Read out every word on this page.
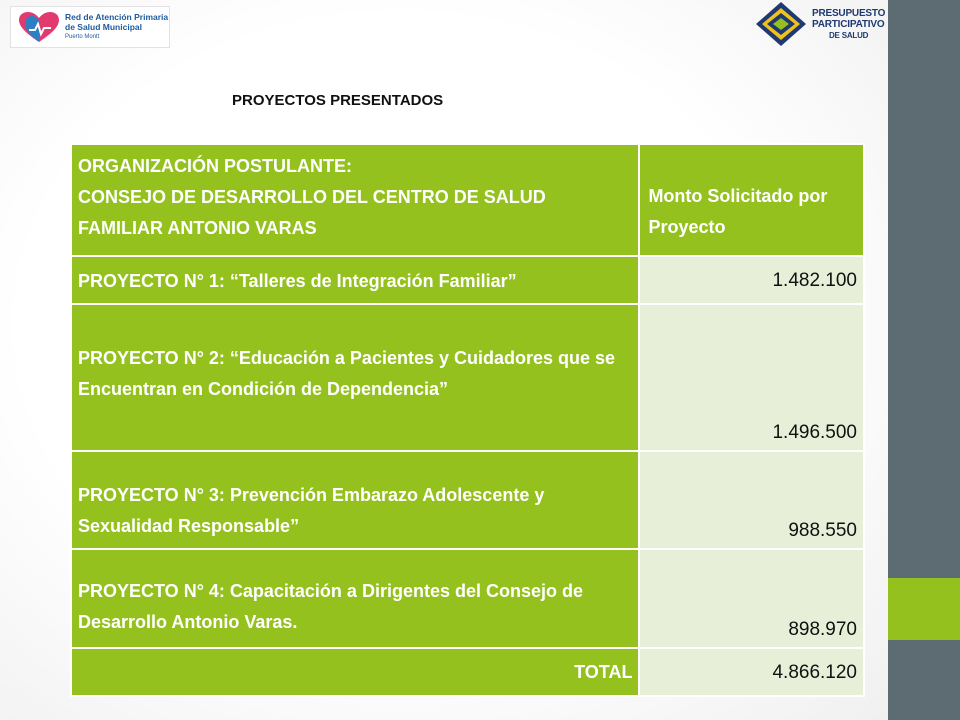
Red de Atención Primaria
de Salud Municipal
Puerto Montt
PRESUPUESTO
PARTICIPATIVO
DE SALUD
PROYECTOS PRESENTADOS
ORGANIZACIÓN POSTULANTE:
CONSEJO DE DESARROLLO DEL CENTRO DE SALUD FAMILIAR ANTONIO VARAS	Monto Solicitado por Proyecto
PROYECTO N° 1: “Talleres de Integración Familiar”	1.482.100
PROYECTO N° 2: “Educación a Pacientes y Cuidadores que se Encuentran en Condición de Dependencia”	1.496.500
PROYECTO N° 3: Prevención Embarazo Adolescente y Sexualidad Responsable”	988.550
PROYECTO N° 4: Capacitación a Dirigentes del Consejo de Desarrollo Antonio Varas.	898.970
TOTAL	4.866.120
